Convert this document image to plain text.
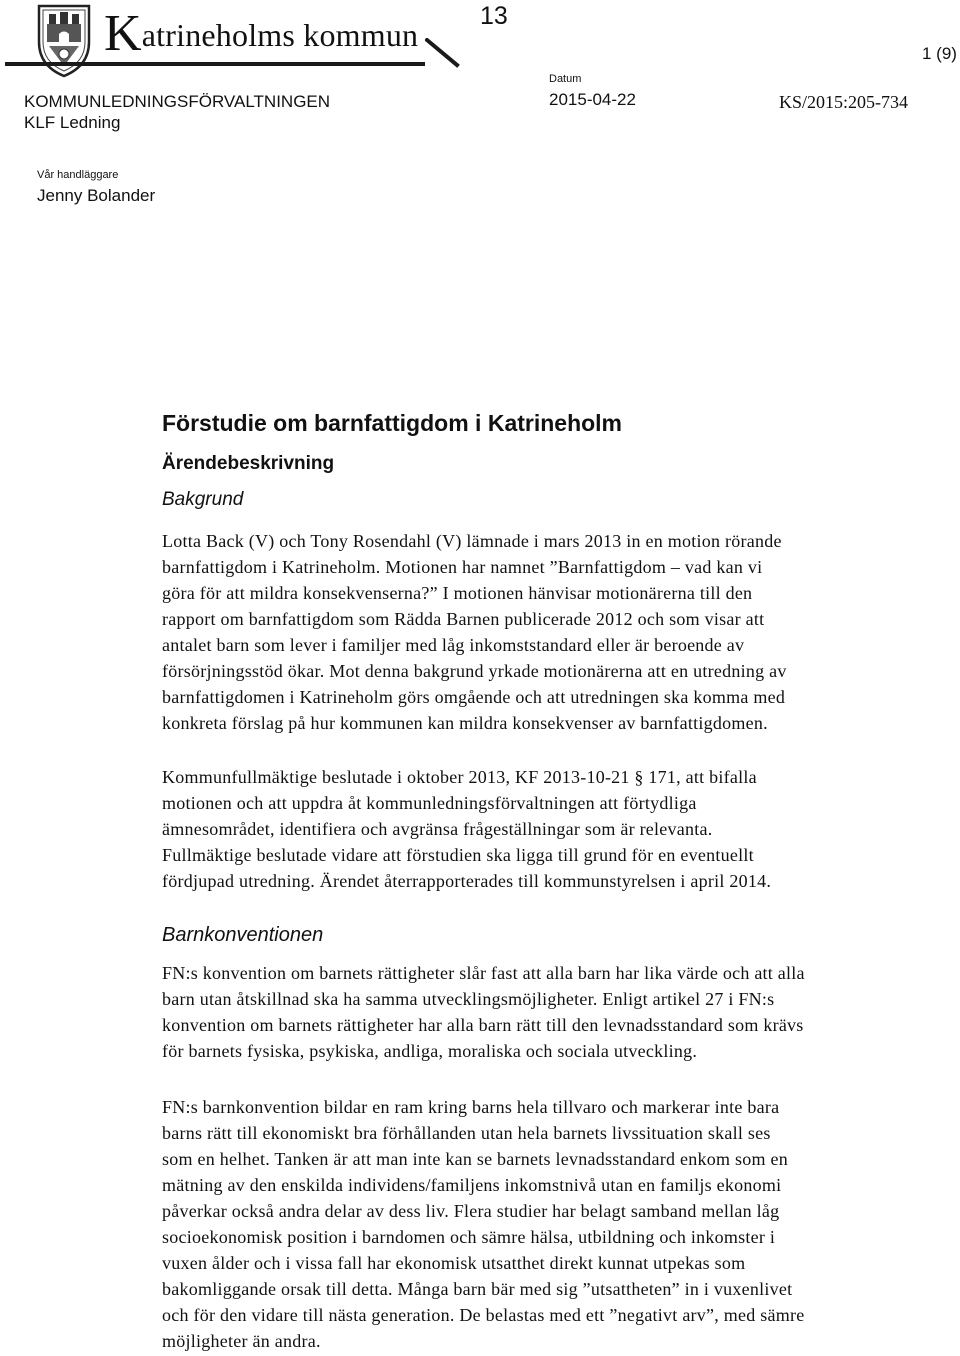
Katrineholms kommun
13
1 (9)
KOMMUNLEDNINGSFÖRVALTNINGEN
KLF Ledning
Datum
2015-04-22	KS/2015:205-734
Vår handläggare
Jenny Bolander
Förstudie om barnfattigdom i Katrineholm
Ärendebeskrivning
Bakgrund

Lotta Back (V) och Tony Rosendahl (V) lämnade i mars 2013 in en motion rörande
barnfattigdom i Katrineholm. Motionen har namnet ”Barnfattigdom – vad kan vi
göra för att mildra konsekvenserna?” I motionen hänvisar motionärerna till den
rapport om barnfattigdom som Rädda Barnen publicerade 2012 och som visar att
antalet barn som lever i familjer med låg inkomststandard eller är beroende av
försörjningsstöd ökar. Mot denna bakgrund yrkade motionärerna att en utredning av
barnfattigdomen i Katrineholm görs omgående och att utredningen ska komma med
konkreta förslag på hur kommunen kan mildra konsekvenser av barnfattigdomen.

Kommunfullmäktige beslutade i oktober 2013, KF 2013-10-21 § 171, att bifalla
motionen och att uppdra åt kommunledningsförvaltningen att förtydliga
ämnesområdet, identifiera och avgränsa frågeställningar som är relevanta.
Fullmäktige beslutade vidare att förstudien ska ligga till grund för en eventuellt
fördjupad utredning. Ärendet återrapporterades till kommunstyrelsen i april 2014.

Barnkonventionen

FN:s konvention om barnets rättigheter slår fast att alla barn har lika värde och att alla
barn utan åtskillnad ska ha samma utvecklingsmöjligheter. Enligt artikel 27 i FN:s
konvention om barnets rättigheter har alla barn rätt till den levnadsstandard som krävs
för barnets fysiska, psykiska, andliga, moraliska och sociala utveckling.

FN:s barnkonvention bildar en ram kring barns hela tillvaro och markerar inte bara
barns rätt till ekonomiskt bra förhållanden utan hela barnets livssituation skall ses
som en helhet. Tanken är att man inte kan se barnets levnadsstandard enkom som en
mätning av den enskilda individens/familjens inkomstnivå utan en familjs ekonomi
påverkar också andra delar av dess liv. Flera studier har belagt samband mellan låg
socioekonomisk position i barndomen och sämre hälsa, utbildning och inkomster i
vuxen ålder och i vissa fall har ekonomisk utsatthet direkt kunnat utpekas som
bakomliggande orsak till detta. Många barn bär med sig ”utsattheten” in i vuxenlivet
och för den vidare till nästa generation. De belastas med ett ”negativt arv”, med sämre
möjligheter än andra.
